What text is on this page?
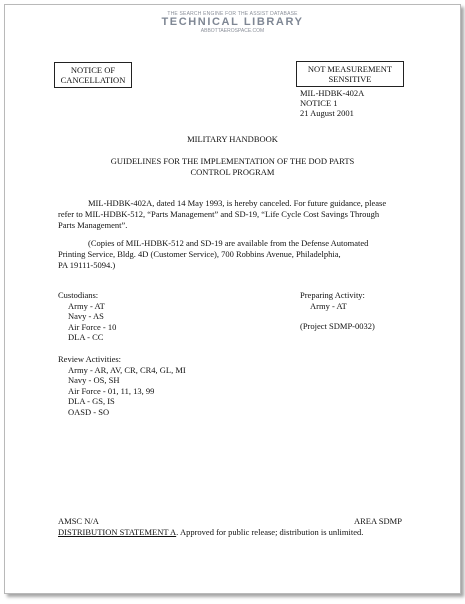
THE SEARCH ENGINE FOR THE ASSIST DATABASE
TECHNICAL LIBRARY
ABBOTTAEROSPACE.COM
NOTICE OF
CANCELLATION
NOT MEASUREMENT
SENSITIVE
MIL-HDBK-402A
NOTICE 1
21 August 2001
MILITARY HANDBOOK
GUIDELINES FOR THE IMPLEMENTATION OF THE DOD PARTS
CONTROL PROGRAM
MIL-HDBK-402A, dated 14 May 1993, is hereby canceled. For future guidance, please
refer to MIL-HDBK-512, “Parts Management” and SD-19, “Life Cycle Cost Savings Through
Parts Management”.
(Copies of MIL-HDBK-512 and SD-19 are available from the Defense Automated
Printing Service, Bldg. 4D (Customer Service), 700 Robbins Avenue, Philadelphia,
PA 19111-5094.)
Custodians:
Army - AT
Navy - AS
Air Force - 10
DLA - CC
Preparing Activity:
Army - AT
(Project SDMP-0032)
Review Activities:
Army - AR, AV, CR, CR4, GL, MI
Navy - OS, SH
Air Force - 01, 11, 13, 99
DLA - GS, IS
OASD - SO
AMSC N/A	AREA SDMP
DISTRIBUTION STATEMENT A. Approved for public release; distribution is unlimited.
